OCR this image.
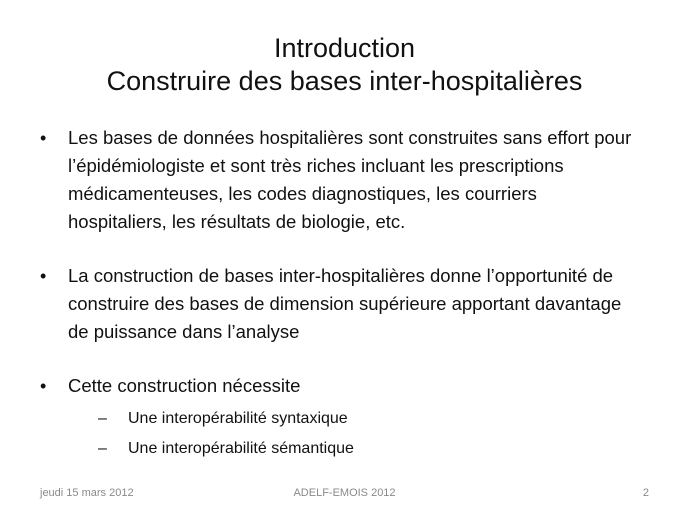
Introduction
Construire des bases inter-hospitalières
• Les bases de données hospitalières sont construites sans effort pour l’épidémiologiste et sont très riches incluant les prescriptions médicamenteuses, les codes diagnostiques, les courriers hospitaliers, les résultats de biologie, etc.
• La construction de bases inter-hospitalières donne l’opportunité de construire des bases de dimension supérieure apportant davantage de puissance dans l’analyse
• Cette construction nécessite
– Une interopérabilité syntaxique
– Une interopérabilité sémantique
jeudi 15 mars 2012	ADELF-EMOIS 2012	2
